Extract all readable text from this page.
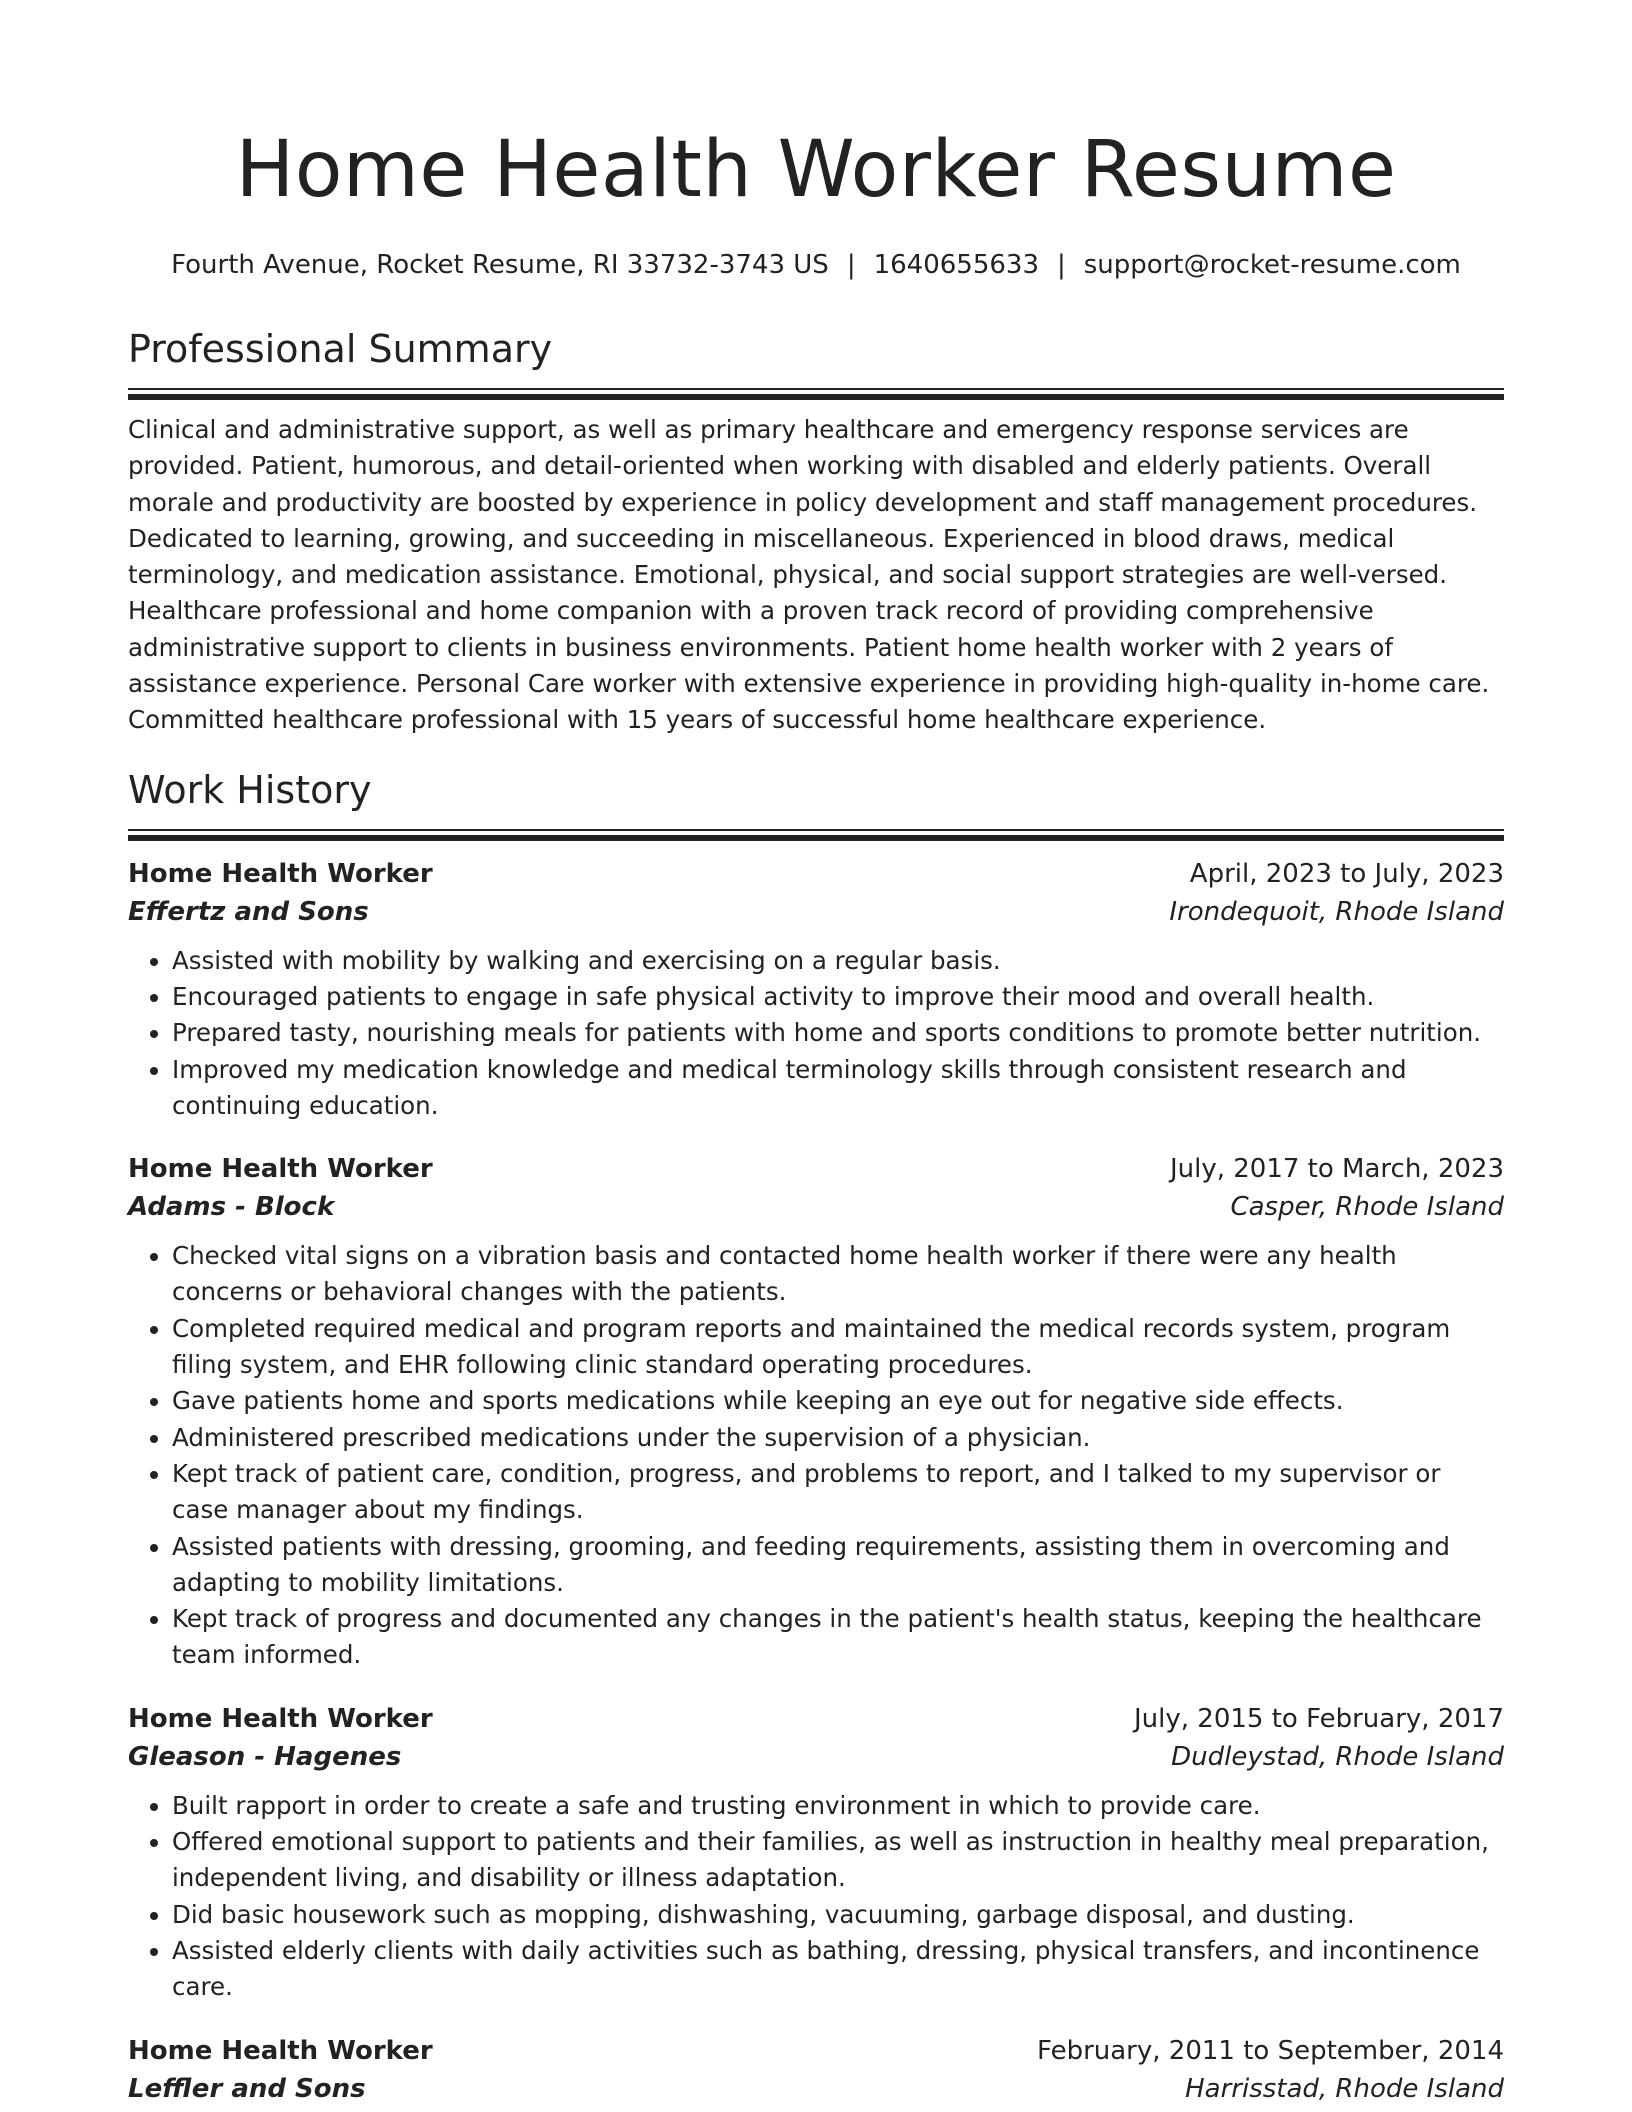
Home Health Worker Resume
Fourth Avenue, Rocket Resume, RI 33732-3743 US | 1640655633 | support@rocket-resume.com
Professional Summary

Clinical and administrative support, as well as primary healthcare and emergency response services are provided. Patient, humorous, and detail-oriented when working with disabled and elderly patients. Overall morale and productivity are boosted by experience in policy development and staff management procedures. Dedicated to learning, growing, and succeeding in miscellaneous. Experienced in blood draws, medical terminology, and medication assistance. Emotional, physical, and social support strategies are well-versed. Healthcare professional and home companion with a proven track record of providing comprehensive administrative support to clients in business environments. Patient home health worker with 2 years of assistance experience. Personal Care worker with extensive experience in providing high-quality in-home care. Committed healthcare professional with 15 years of successful home healthcare experience.

Work History
Home Health Worker	April, 2023 to July, 2023
Effertz and Sons	Irondequoit, Rhode Island
• Assisted with mobility by walking and exercising on a regular basis.
• Encouraged patients to engage in safe physical activity to improve their mood and overall health.
• Prepared tasty, nourishing meals for patients with home and sports conditions to promote better nutrition.
• Improved my medication knowledge and medical terminology skills through consistent research and continuing education.
Home Health Worker	July, 2017 to March, 2023
Adams - Block	Casper, Rhode Island
• Checked vital signs on a vibration basis and contacted home health worker if there were any health concerns or behavioral changes with the patients.
• Completed required medical and program reports and maintained the medical records system, program filing system, and EHR following clinic standard operating procedures.
• Gave patients home and sports medications while keeping an eye out for negative side effects.
• Administered prescribed medications under the supervision of a physician.
• Kept track of patient care, condition, progress, and problems to report, and I talked to my supervisor or case manager about my findings.
• Assisted patients with dressing, grooming, and feeding requirements, assisting them in overcoming and adapting to mobility limitations.
• Kept track of progress and documented any changes in the patient's health status, keeping the healthcare team informed.
Home Health Worker	July, 2015 to February, 2017
Gleason - Hagenes	Dudleystad, Rhode Island
• Built rapport in order to create a safe and trusting environment in which to provide care.
• Offered emotional support to patients and their families, as well as instruction in healthy meal preparation, independent living, and disability or illness adaptation.
• Did basic housework such as mopping, dishwashing, vacuuming, garbage disposal, and dusting.
• Assisted elderly clients with daily activities such as bathing, dressing, physical transfers, and incontinence care.
Home Health Worker	February, 2011 to September, 2014
Leffler and Sons	Harrisstad, Rhode Island
